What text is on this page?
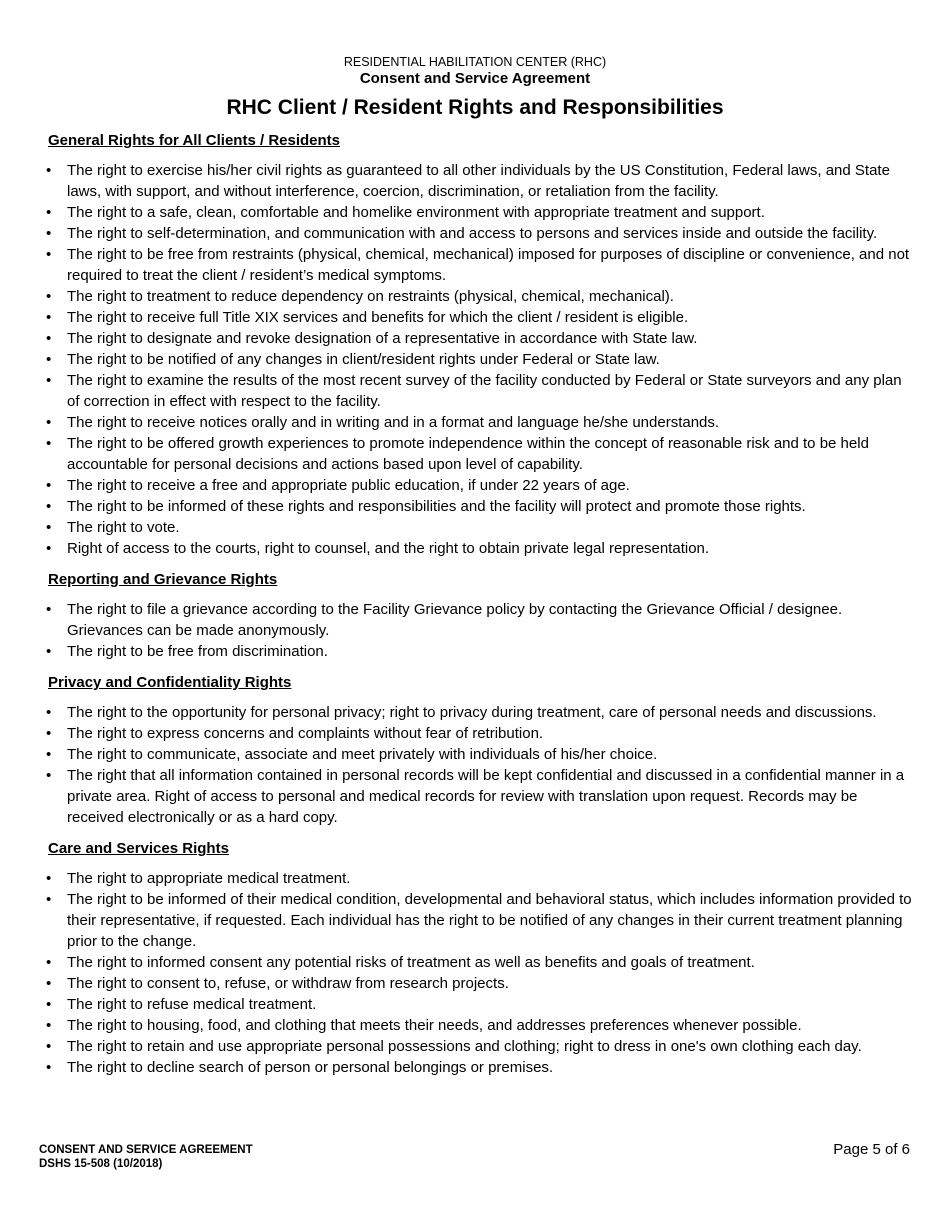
RESIDENTIAL HABILITATION CENTER (RHC)
Consent and Service Agreement
RHC Client / Resident Rights and Responsibilities

General Rights for All Clients / Residents

• The right to exercise his/her civil rights as guaranteed to all other individuals by the US Constitution, Federal laws, and State laws, with support, and without interference, coercion, discrimination, or retaliation from the facility.
• The right to a safe, clean, comfortable and homelike environment with appropriate treatment and support.
• The right to self-determination, and communication with and access to persons and services inside and outside the facility.
• The right to be free from restraints (physical, chemical, mechanical) imposed for purposes of discipline or convenience, and not required to treat the client / resident’s medical symptoms.
• The right to treatment to reduce dependency on restraints (physical, chemical, mechanical).
• The right to receive full Title XIX services and benefits for which the client / resident is eligible.
• The right to designate and revoke designation of a representative in accordance with State law.
• The right to be notified of any changes in client/resident rights under Federal or State law.
• The right to examine the results of the most recent survey of the facility conducted by Federal or State surveyors and any plan of correction in effect with respect to the facility.
• The right to receive notices orally and in writing and in a format and language he/she understands.
• The right to be offered growth experiences to promote independence within the concept of reasonable risk and to be held accountable for personal decisions and actions based upon level of capability.
• The right to receive a free and appropriate public education, if under 22 years of age.
• The right to be informed of these rights and responsibilities and the facility will protect and promote those rights.
• The right to vote.
• Right of access to the courts, right to counsel, and the right to obtain private legal representation.

Reporting and Grievance Rights

• The right to file a grievance according to the Facility Grievance policy by contacting the Grievance Official / designee. Grievances can be made anonymously.
• The right to be free from discrimination.

Privacy and Confidentiality Rights

• The right to the opportunity for personal privacy; right to privacy during treatment, care of personal needs and discussions.
• The right to express concerns and complaints without fear of retribution.
• The right to communicate, associate and meet privately with individuals of his/her choice.
• The right that all information contained in personal records will be kept confidential and discussed in a confidential manner in a private area. Right of access to personal and medical records for review with translation upon request. Records may be received electronically or as a hard copy.

Care and Services Rights

• The right to appropriate medical treatment.
• The right to be informed of their medical condition, developmental and behavioral status, which includes information provided to their representative, if requested. Each individual has the right to be notified of any changes in their current treatment planning prior to the change.
• The right to informed consent any potential risks of treatment as well as benefits and goals of treatment.
• The right to consent to, refuse, or withdraw from research projects.
• The right to refuse medical treatment.
• The right to housing, food, and clothing that meets their needs, and addresses preferences whenever possible.
• The right to retain and use appropriate personal possessions and clothing; right to dress in one's own clothing each day.
• The right to decline search of person or personal belongings or premises.
CONSENT AND SERVICE AGREEMENT
DSHS 15-508 (10/2018)
Page 5 of 6
